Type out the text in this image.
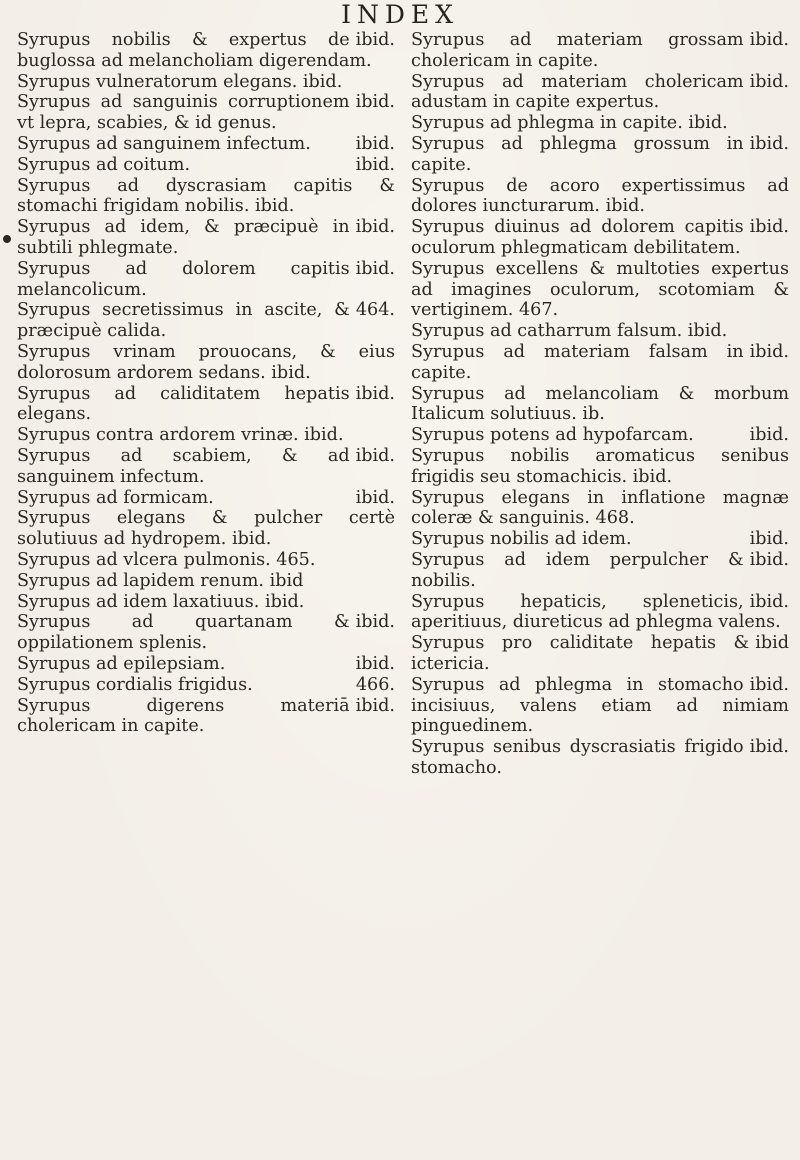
INDEX

ibid.
Syrupus nobilis & expertus de buglossa ad melancholiam digerendam.

Syrupus vulneratorum elegans. ibid.

ibid.
Syrupus ad sanguinis corruptionem vt lepra, scabies, & id genus.

ibid.
Syrupus ad sanguinem infectum.

ibid.
Syrupus ad coitum.

Syrupus ad dyscrasiam capitis & stomachi frigidam nobilis. ibid.

ibid.
Syrupus ad idem, & præcipuè in subtili phlegmate.

ibid.
Syrupus ad dolorem capitis melancolicum.

464.
Syrupus secretissimus in ascite, & præcipuè calida.

Syrupus vrinam prouocans, & eius dolorosum ardorem sedans. ibid.

ibid.
Syrupus ad caliditatem hepatis elegans.

Syrupus contra ardorem vrinæ. ibid.

ibid.
Syrupus ad scabiem, & ad sanguinem infectum.

ibid.
Syrupus ad formicam.

Syrupus elegans & pulcher certè solutiuus ad hydropem. ibid.

Syrupus ad vlcera pulmonis. 465.

Syrupus ad lapidem renum. ibid

Syrupus ad idem laxatiuus. ibid.

ibid.
Syrupus ad quartanam & oppilationem splenis.

ibid.
Syrupus ad epilepsiam.

466.
Syrupus cordialis frigidus.

ibid.
Syrupus digerens materiā cholericam in capite.

ibid.
Syrupus ad materiam grossam cholericam in capite.

ibid.
Syrupus ad materiam cholericam adustam in capite expertus.

Syrupus ad phlegma in capite. ibid.

ibid.
Syrupus ad phlegma grossum in capite.

Syrupus de acoro expertissimus ad dolores iuncturarum. ibid.

ibid.
Syrupus diuinus ad dolorem capitis oculorum phlegmaticam debilitatem.

Syrupus excellens & multoties expertus ad imagines oculorum, scotomiam & vertiginem. 467.

Syrupus ad catharrum falsum. ibid.

ibid.
Syrupus ad materiam falsam in capite.

Syrupus ad melancoliam & morbum Italicum solutiuus. ib.

ibid.
Syrupus potens ad hypofarcam.

Syrupus nobilis aromaticus senibus frigidis seu stomachicis. ibid.

Syrupus elegans in inflatione magnæ coleræ & sanguinis. 468.

ibid.
Syrupus nobilis ad idem.

ibid.
Syrupus ad idem perpulcher & nobilis.

ibid.
Syrupus hepaticis, spleneticis, aperitiuus, diureticus ad phlegma valens.

ibid
Syrupus pro caliditate hepatis & ictericia.

ibid.
Syrupus ad phlegma in stomacho incisiuus, valens etiam ad nimiam pinguedinem.

ibid.
Syrupus senibus dyscrasiatis frigido stomacho.
